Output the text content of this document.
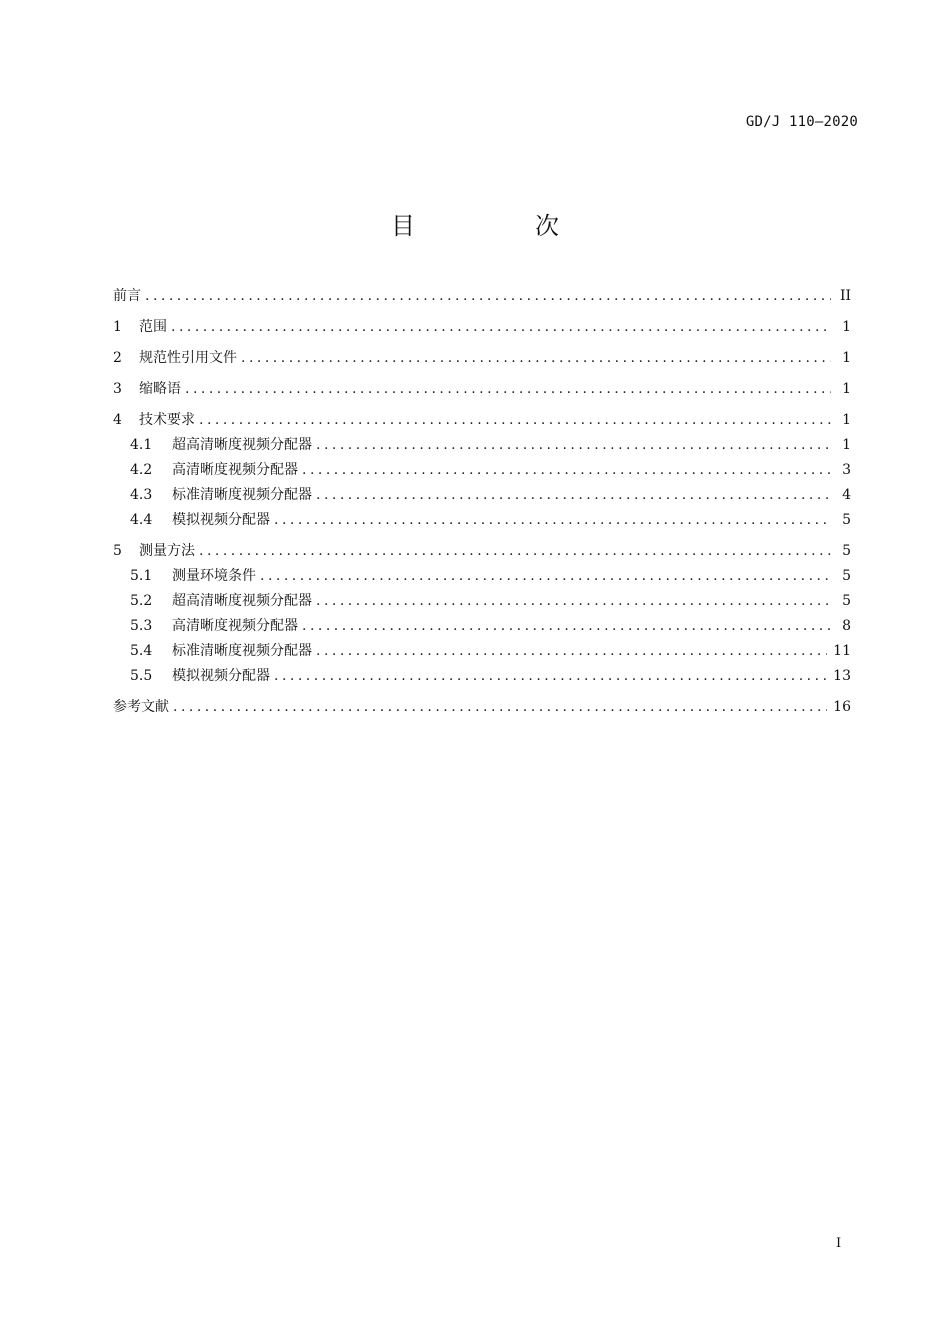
GD/J 110—2020
目　次
前言 .....	II
1	范围 .....	1
2	规范性引用文件 .....	1
3	缩略语 .....	1
4	技术要求 .....	1
4.1	超高清晰度视频分配器 .....	1
4.2	高清晰度视频分配器 .....	3
4.3	标准清晰度视频分配器 .....	4
4.4	模拟视频分配器 .....	5
5	测量方法 .....	5
5.1	测量环境条件 .....	5
5.2	超高清晰度视频分配器 .....	5
5.3	高清晰度视频分配器 .....	8
5.4	标准清晰度视频分配器 .....	11
5.5	模拟视频分配器 .....	13
参考文献 .....	16
I
